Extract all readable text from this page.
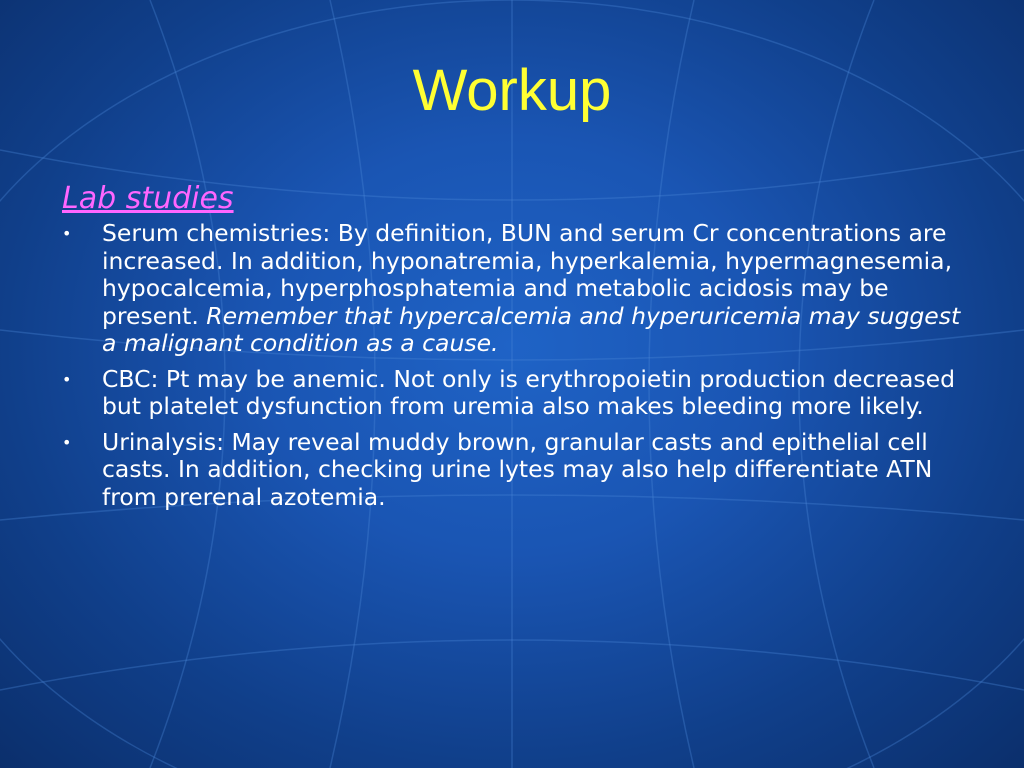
Workup
Lab studies
• Serum chemistries: By definition, BUN and serum Cr concentrations are increased. In addition, hyponatremia, hyperkalemia, hypermagnesemia, hypocalcemia, hyperphosphatemia and metabolic acidosis may be present. Remember that hypercalcemia and hyperuricemia may suggest a malignant condition as a cause.
• CBC: Pt may be anemic. Not only is erythropoietin production decreased but platelet dysfunction from uremia also makes bleeding more likely.
• Urinalysis: May reveal muddy brown, granular casts and epithelial cell casts. In addition, checking urine lytes may also help differentiate ATN from prerenal azotemia.
